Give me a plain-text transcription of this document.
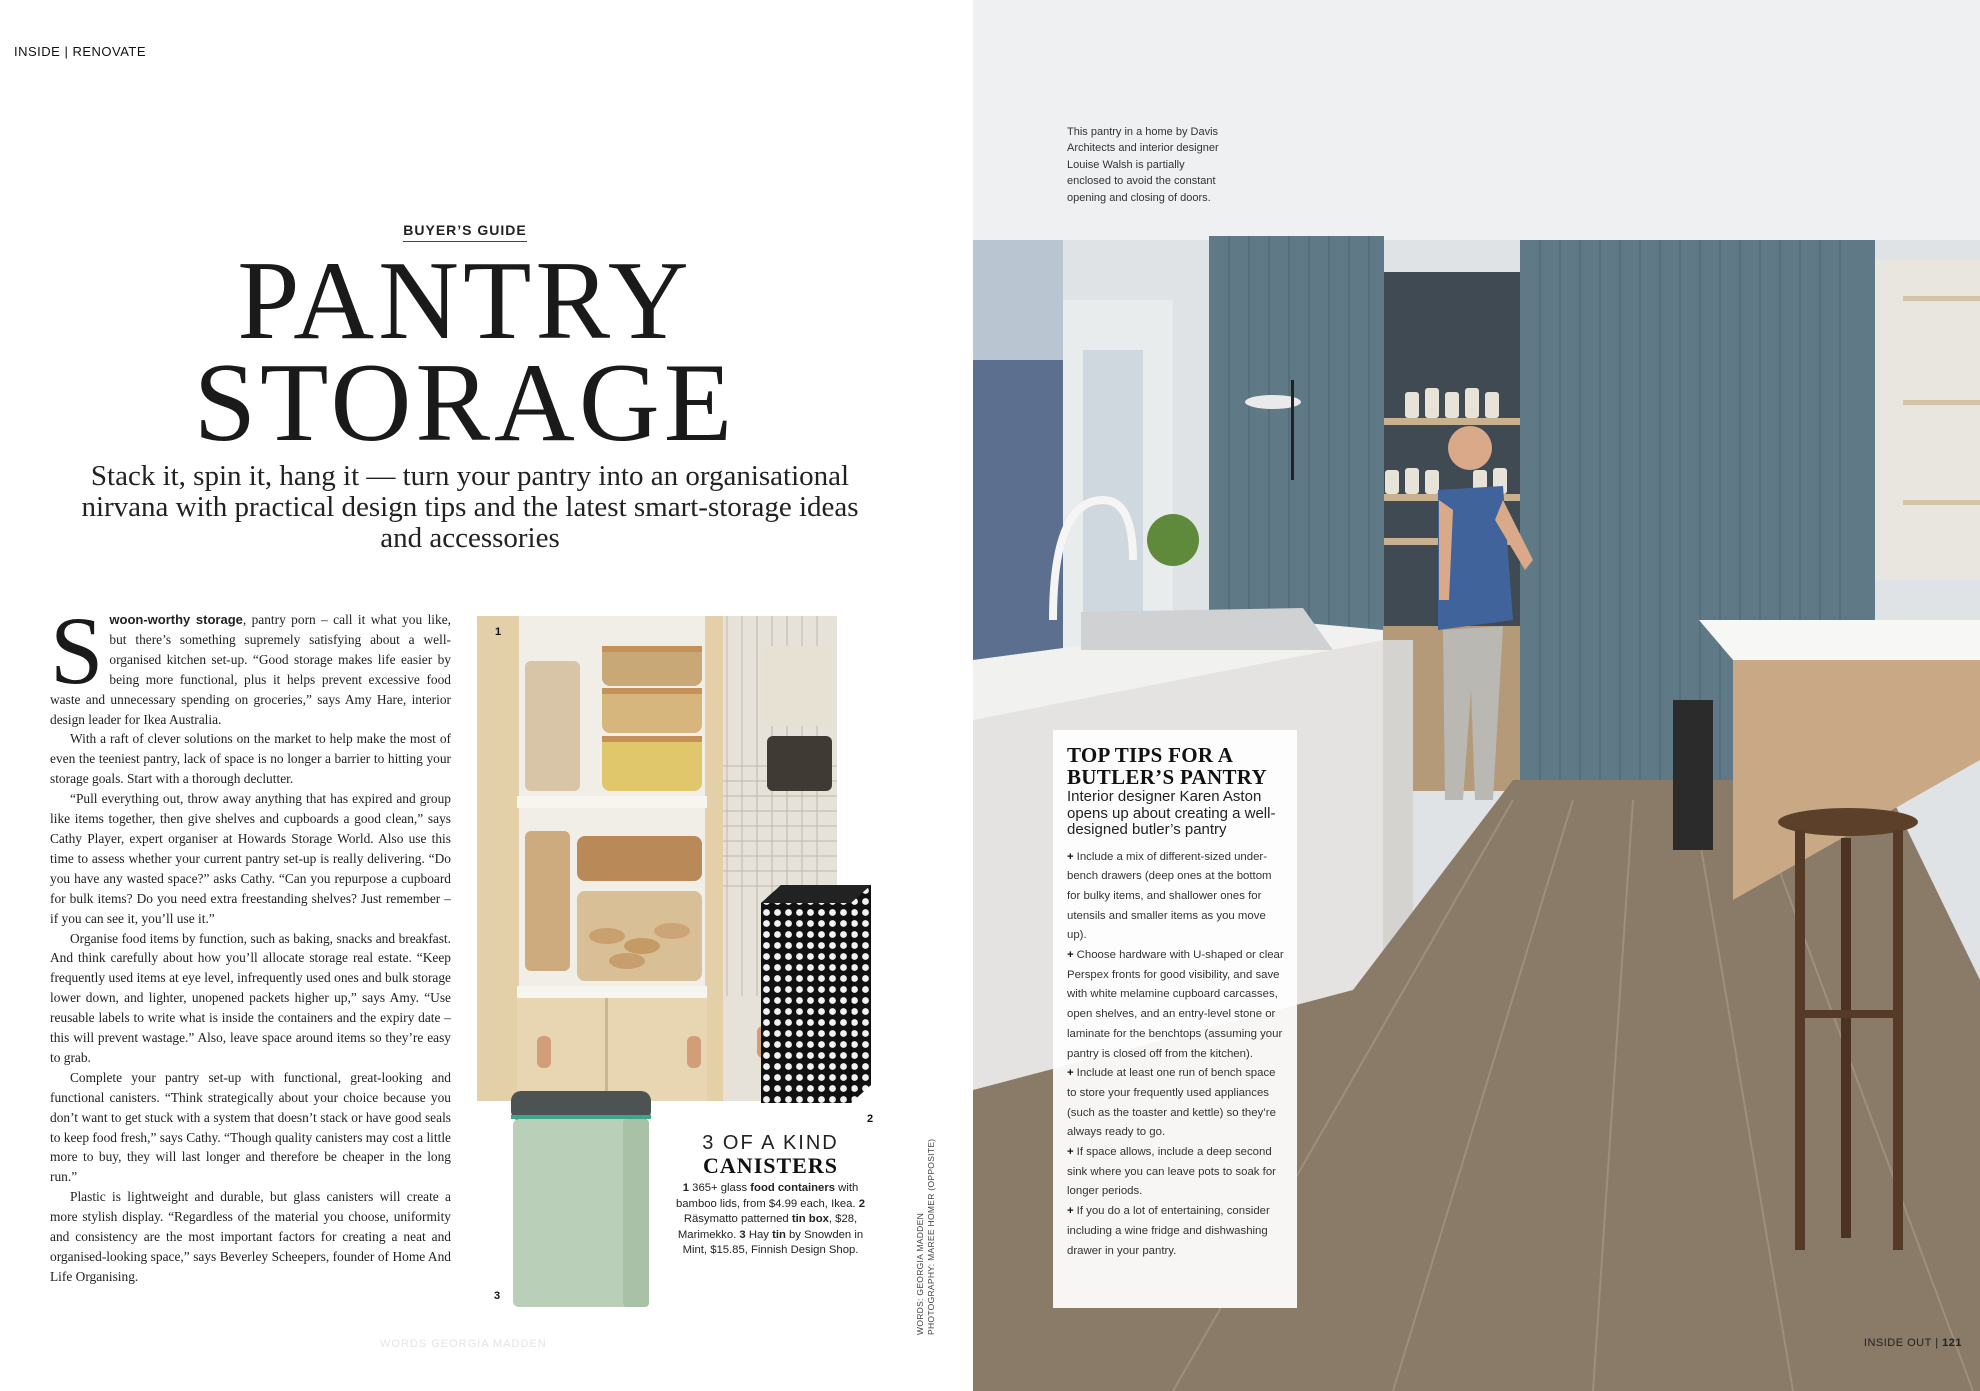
INSIDE | RENOVATE
BUYER’S GUIDE
PANTRY
STORAGE
Stack it, spin it, hang it — turn your pantry into an organisational nirvana with practical design tips and the latest smart-storage ideas and accessories

Swoon-worthy storage, pantry porn – call it what you like, but there’s something supremely satisfying about a well-organised kitchen set-up. “Good storage makes life easier by being more functional, plus it helps prevent excessive food waste and unnecessary spending on groceries,” says Amy Hare, interior design leader for Ikea Australia.

With a raft of clever solutions on the market to help make the most of even the teeniest pantry, lack of space is no longer a barrier to hitting your storage goals. Start with a thorough declutter.

“Pull everything out, throw away anything that has expired and group like items together, then give shelves and cupboards a good clean,” says Cathy Player, expert organiser at Howards Storage World. Also use this time to assess whether your current pantry set-up is really delivering. “Do you have any wasted space?” asks Cathy. “Can you repurpose a cupboard for bulk items? Do you need extra freestanding shelves? Just remember – if you can see it, you’ll use it.”

Organise food items by function, such as baking, snacks and breakfast. And think carefully about how you’ll allocate storage real estate. “Keep frequently used items at eye level, infrequently used ones and bulk storage lower down, and lighter, unopened packets higher up,” says Amy. “Use reusable labels to write what is inside the containers and the expiry date – this will prevent wastage.” Also, leave space around items so they’re easy to grab.

Complete your pantry set-up with functional, great-looking and functional canisters. “Think strategically about your choice because you don’t want to get stuck with a system that doesn’t stack or have good seals to keep food fresh,” says Cathy. “Though quality canisters may cost a little more to buy, they will last longer and therefore be cheaper in the long run.”

Plastic is lightweight and durable, but glass canisters will create a more stylish display. “Regardless of the material you choose, uniformity and consistency are the most important factors for creating a neat and organised-looking space,” says Beverley Scheepers, founder of Home And Life Organising.

1
2
3
3 OF A KIND
CANISTERS
1 365+ glass food containers with bamboo lids, from $4.99 each, Ikea. 2 Räsymatto patterned tin box, $28, Marimekko. 3 Hay tin by Snowden in Mint, $15.85, Finnish Design Shop.	WORDS: GEORGIA MADDEN
PHOTOGRAPHY: MAREE HOMER (OPPOSITE)
WORDS GEORGIA MADDEN
This pantry in a home by Davis Architects and interior designer Louise Walsh is partially enclosed to avoid the constant opening and closing of doors.
TOP TIPS FOR A
BUTLER’S PANTRY
Interior designer Karen Aston opens up about creating a well-designed butler’s pantry
+ Include a mix of different-sized under-bench drawers (deep ones at the bottom for bulky items, and shallower ones for utensils and smaller items as you move up).
+ Choose hardware with U-shaped or clear Perspex fronts for good visibility, and save with white melamine cupboard carcasses, open shelves, and an entry-level stone or laminate for the benchtops (assuming your pantry is closed off from the kitchen).
+ Include at least one run of bench space to store your frequently used appliances (such as the toaster and kettle) so they’re always ready to go.
+ If space allows, include a deep second sink where you can leave pots to soak for longer periods.
+ If you do a lot of entertaining, consider including a wine fridge and dishwashing drawer in your pantry.
INSIDE OUT | 121
